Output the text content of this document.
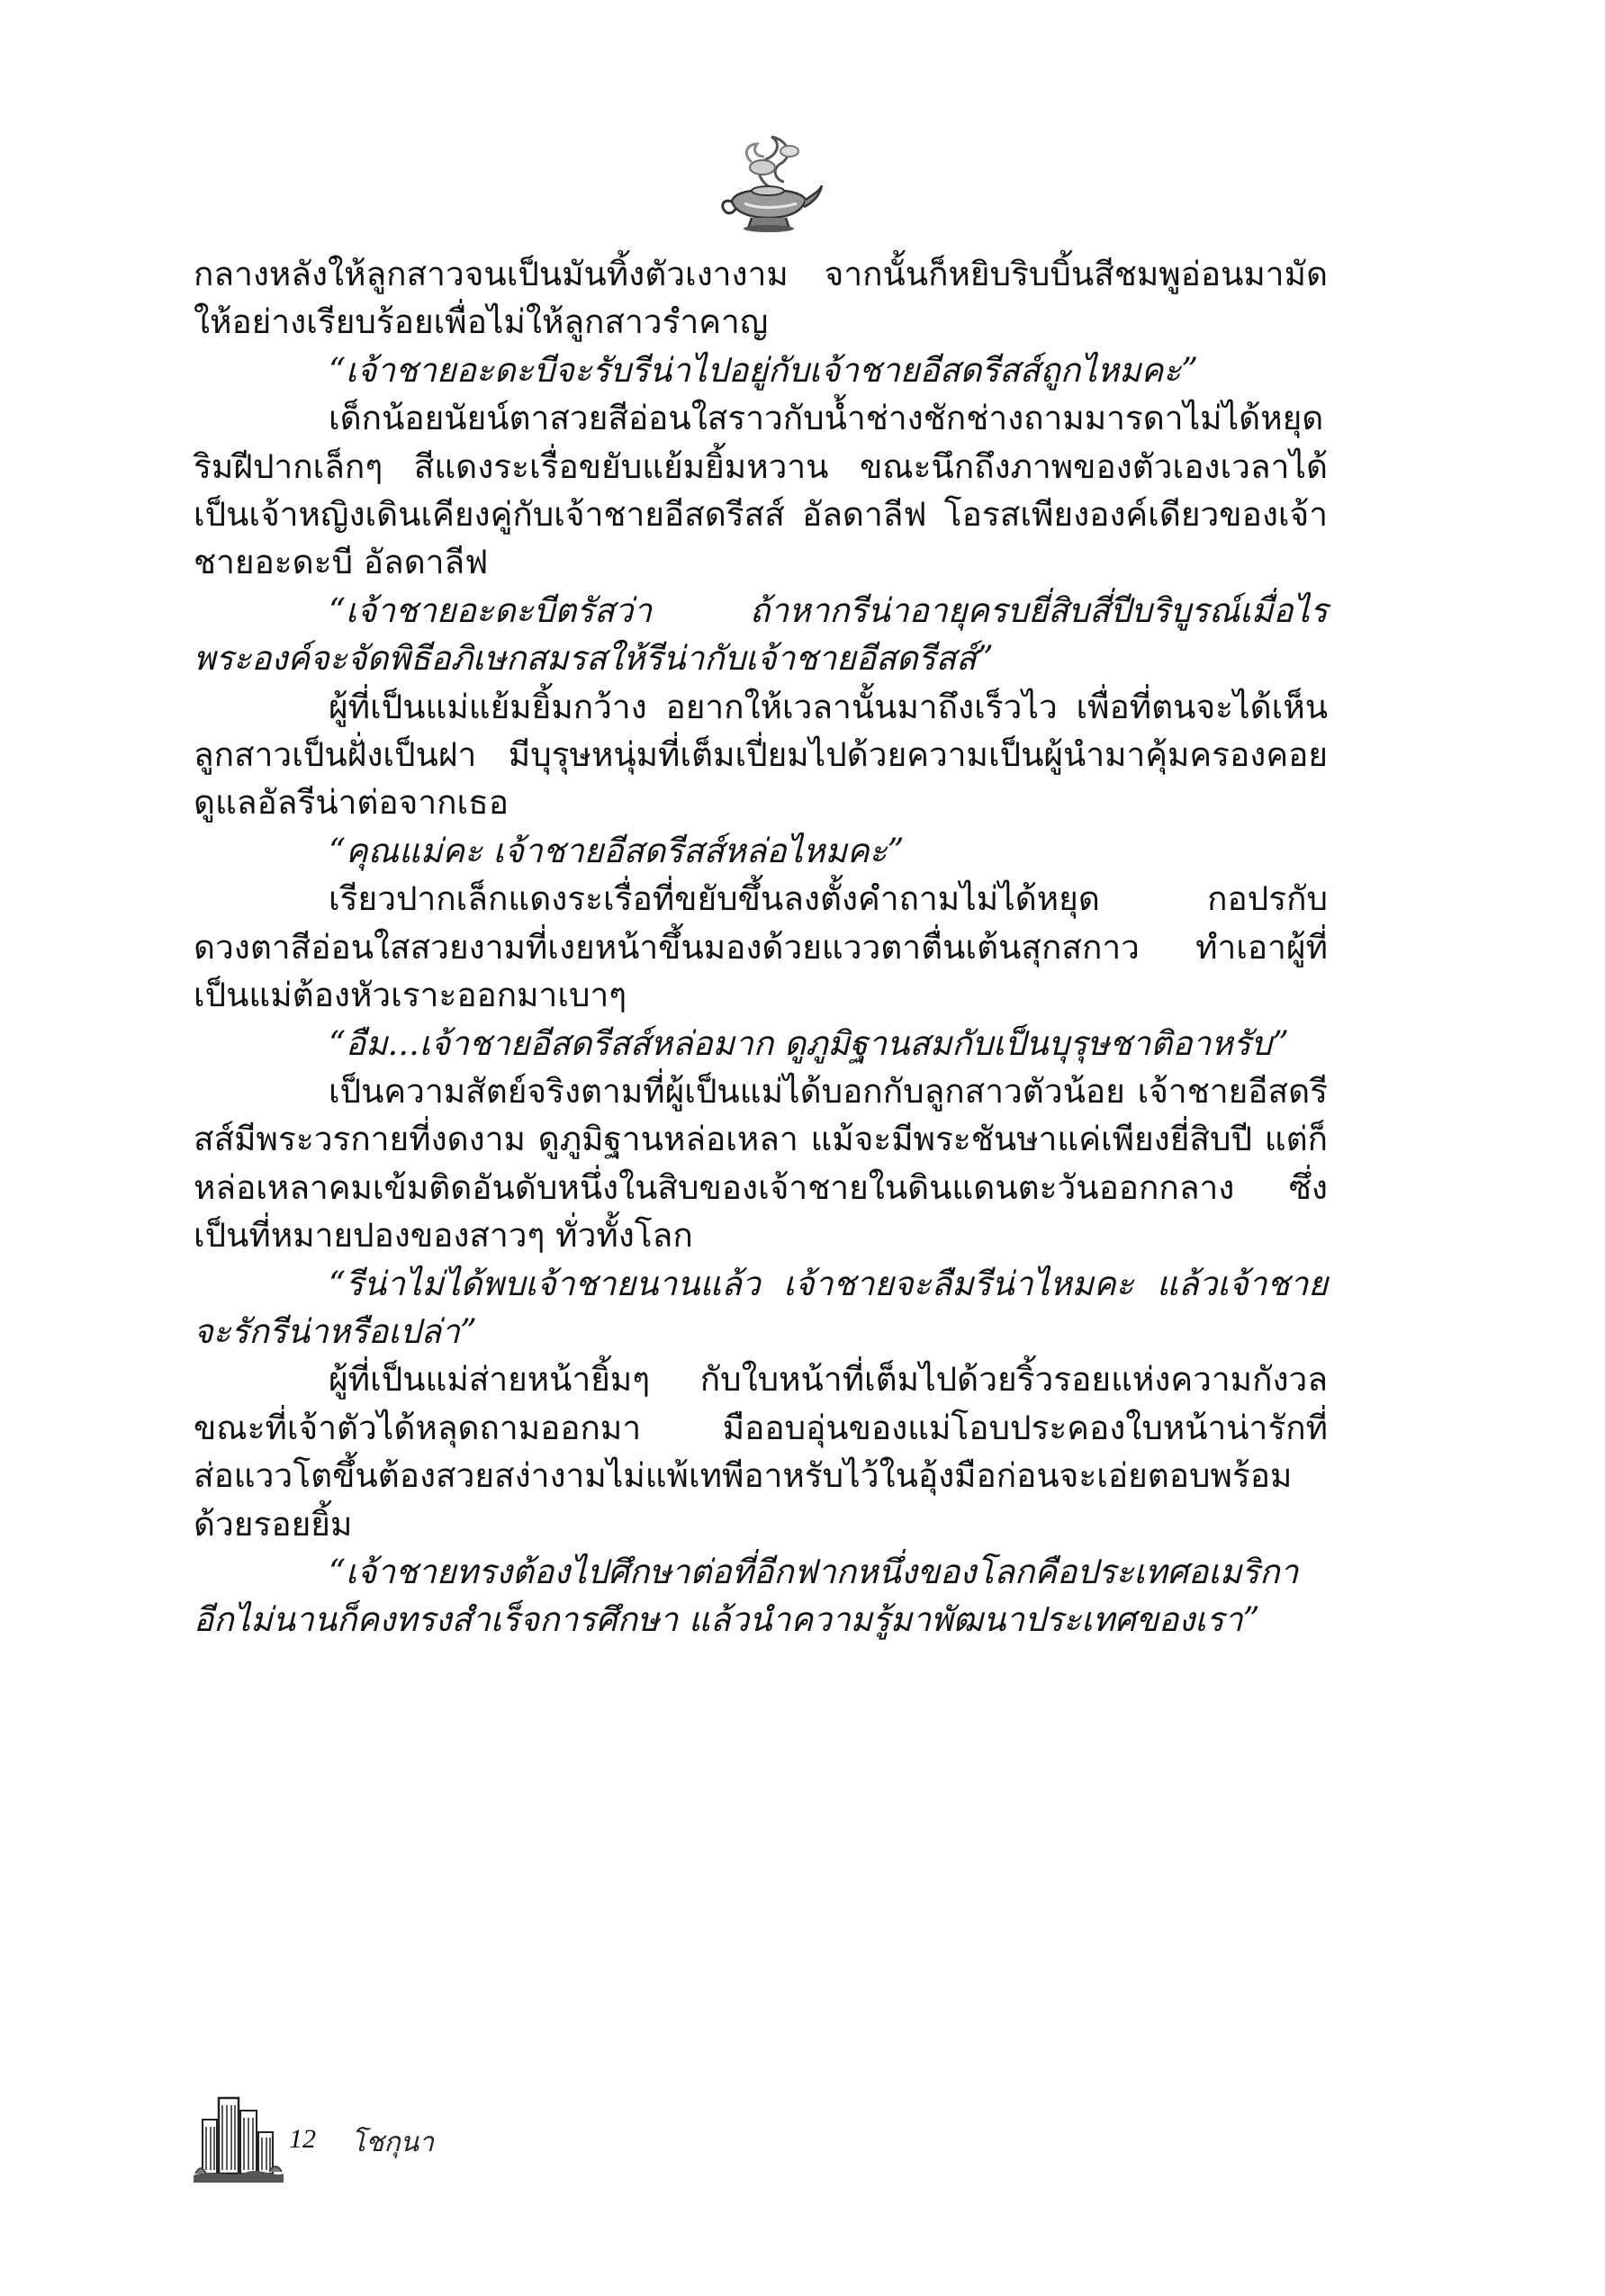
กลางหลังให้ลูกสาวจนเป็นมันทิ้งตัวเงางาม จากนั้นก็หยิบริบบิ้นสีชมพูอ่อนมามัดให้อย่างเรียบร้อยเพื่อไม่ให้ลูกสาวรำคาญ

“เจ้าชายอะดะบีจะรับรีน่าไปอยู่กับเจ้าชายอีสดรีสส์ถูกไหมคะ”

เด็กน้อยนัยน์ตาสวยสีอ่อนใสราวกับน้ำช่างชักช่างถามมารดาไม่ได้หยุด ริมฝีปากเล็กๆ สีแดงระเรื่อขยับแย้มยิ้มหวาน ขณะนึกถึงภาพของตัวเองเวลาได้เป็นเจ้าหญิงเดินเคียงคู่กับเจ้าชายอีสดรีสส์ อัลดาลีฟ โอรสเพียงองค์เดียวของเจ้าชายอะดะบี อัลดาลีฟ

“เจ้าชายอะดะบีตรัสว่า ถ้าหากรีน่าอายุครบยี่สิบสี่ปีบริบูรณ์เมื่อไรพระองค์จะจัดพิธีอภิเษกสมรสให้รีน่ากับเจ้าชายอีสดรีสส์”

ผู้ที่เป็นแม่แย้มยิ้มกว้าง อยากให้เวลานั้นมาถึงเร็วไว เพื่อที่ตนจะได้เห็นลูกสาวเป็นฝั่งเป็นฝา มีบุรุษหนุ่มที่เต็มเปี่ยมไปด้วยความเป็นผู้นำมาคุ้มครองคอยดูแลอัลรีน่าต่อจากเธอ

“คุณแม่คะ เจ้าชายอีสดรีสส์หล่อไหมคะ”

เรียวปากเล็กแดงระเรื่อที่ขยับขึ้นลงตั้งคำถามไม่ได้หยุด กอปรกับดวงตาสีอ่อนใสสวยงามที่เงยหน้าขึ้นมองด้วยแววตาตื่นเต้นสุกสกาว ทำเอาผู้ที่เป็นแม่ต้องหัวเราะออกมาเบาๆ

“อืม...เจ้าชายอีสดรีสส์หล่อมาก ดูภูมิฐานสมกับเป็นบุรุษชาติอาหรับ”

เป็นความสัตย์จริงตามที่ผู้เป็นแม่ได้บอกกับลูกสาวตัวน้อย เจ้าชายอีสดรีสส์มีพระวรกายที่งดงาม ดูภูมิฐานหล่อเหลา แม้จะมีพระชันษาแค่เพียงยี่สิบปี แต่ก็หล่อเหลาคมเข้มติดอันดับหนึ่งในสิบของเจ้าชายในดินแดนตะวันออกกลาง ซึ่งเป็นที่หมายปองของสาวๆ ทั่วทั้งโลก

“รีน่าไม่ได้พบเจ้าชายนานแล้ว เจ้าชายจะลืมรีน่าไหมคะ แล้วเจ้าชายจะรักรีน่าหรือเปล่า”

ผู้ที่เป็นแม่ส่ายหน้ายิ้มๆ กับใบหน้าที่เต็มไปด้วยริ้วรอยแห่งความกังวล ขณะที่เจ้าตัวได้หลุดถามออกมา มืออบอุ่นของแม่โอบประคองใบหน้าน่ารักที่ส่อแววโตขึ้นต้องสวยสง่างามไม่แพ้เทพีอาหรับไว้ในอุ้งมือก่อนจะเอ่ยตอบพร้อมด้วยรอยยิ้ม

“เจ้าชายทรงต้องไปศึกษาต่อที่อีกฟากหนึ่งของโลกคือประเทศอเมริกา อีกไม่นานก็คงทรงสำเร็จการศึกษา แล้วนำความรู้มาพัฒนาประเทศของเรา”

12 โชกุนา
